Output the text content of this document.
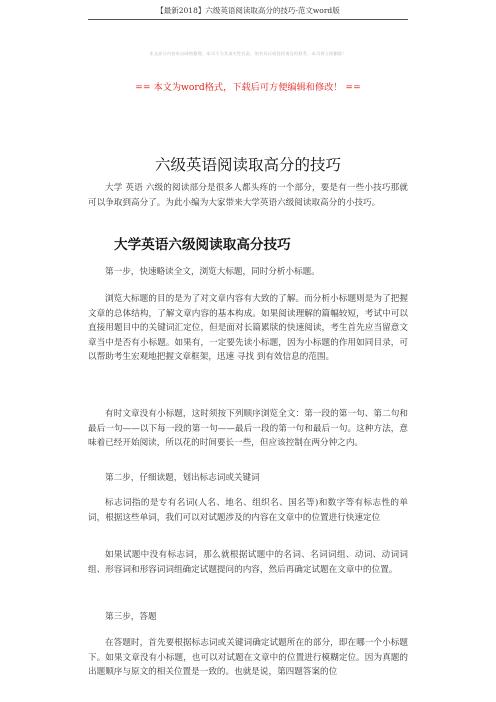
【最新2018】六级英语阅读取高分的技巧-范文word版
本文部分内容来自网络整理，本司不为其真实性负责，如有异议或侵权请及时联系，本司将立即删除！
== 本文为word格式，下载后可方便编辑和修改！ ==
六级英语阅读取高分的技巧
大学 英语 六级的阅读部分是很多人都头疼的一个部分，要是有一些小技巧那就可以争取到高分了。为此小编为大家带来大学英语六级阅读取高分的小技巧。
大学英语六级阅读取高分技巧
第一步，快速略读全文，浏览大标题，同时分析小标题。
浏览大标题的目的是为了对文章内容有大致的了解。而分析小标题则是为了把握文章的总体结构，了解文章内容的基本构成。如果阅读理解的篇幅较短，考试中可以直接用题目中的关键词汇定位，但是面对长篇累牍的快速阅读，考生首先应当留意文章当中是否有小标题。如果有，一定要先读小标题，因为小标题的作用如同目录，可以帮助考生宏观地把握文章框架，迅速 寻找 到有效信息的范围。
有时文章没有小标题，这时须按下列顺序浏览全文：第一段的第一句、第二句和最后一句——以下每一段的第一句——最后一段的第一句和最后一句。这种方法，意味着已经开始阅读，所以花的时间要长一些，但应该控制在两分钟之内。
第二步，仔细读题，划出标志词或关键词
标志词指的是专有名词(人名、地名、组织名、国名等)和数字等有标志性的单词，根据这些单词，我们可以对试题涉及的内容在文章中的位置进行快速定位
如果试题中没有标志词，那么就根据试题中的名词、名词词组、动词、动词词组、形容词和形容词词组确定试题提问的内容，然后再确定试题在文章中的位置。
第三步，答题
在答题时，首先要根据标志词或关键词确定试题所在的部分，即在哪一个小标题下。如果文章没有小标题，也可以对试题在文章中的位置进行模糊定位。因为真题的出题顺序与原文的相关位置是一致的。也就是说，第四题答案的位
